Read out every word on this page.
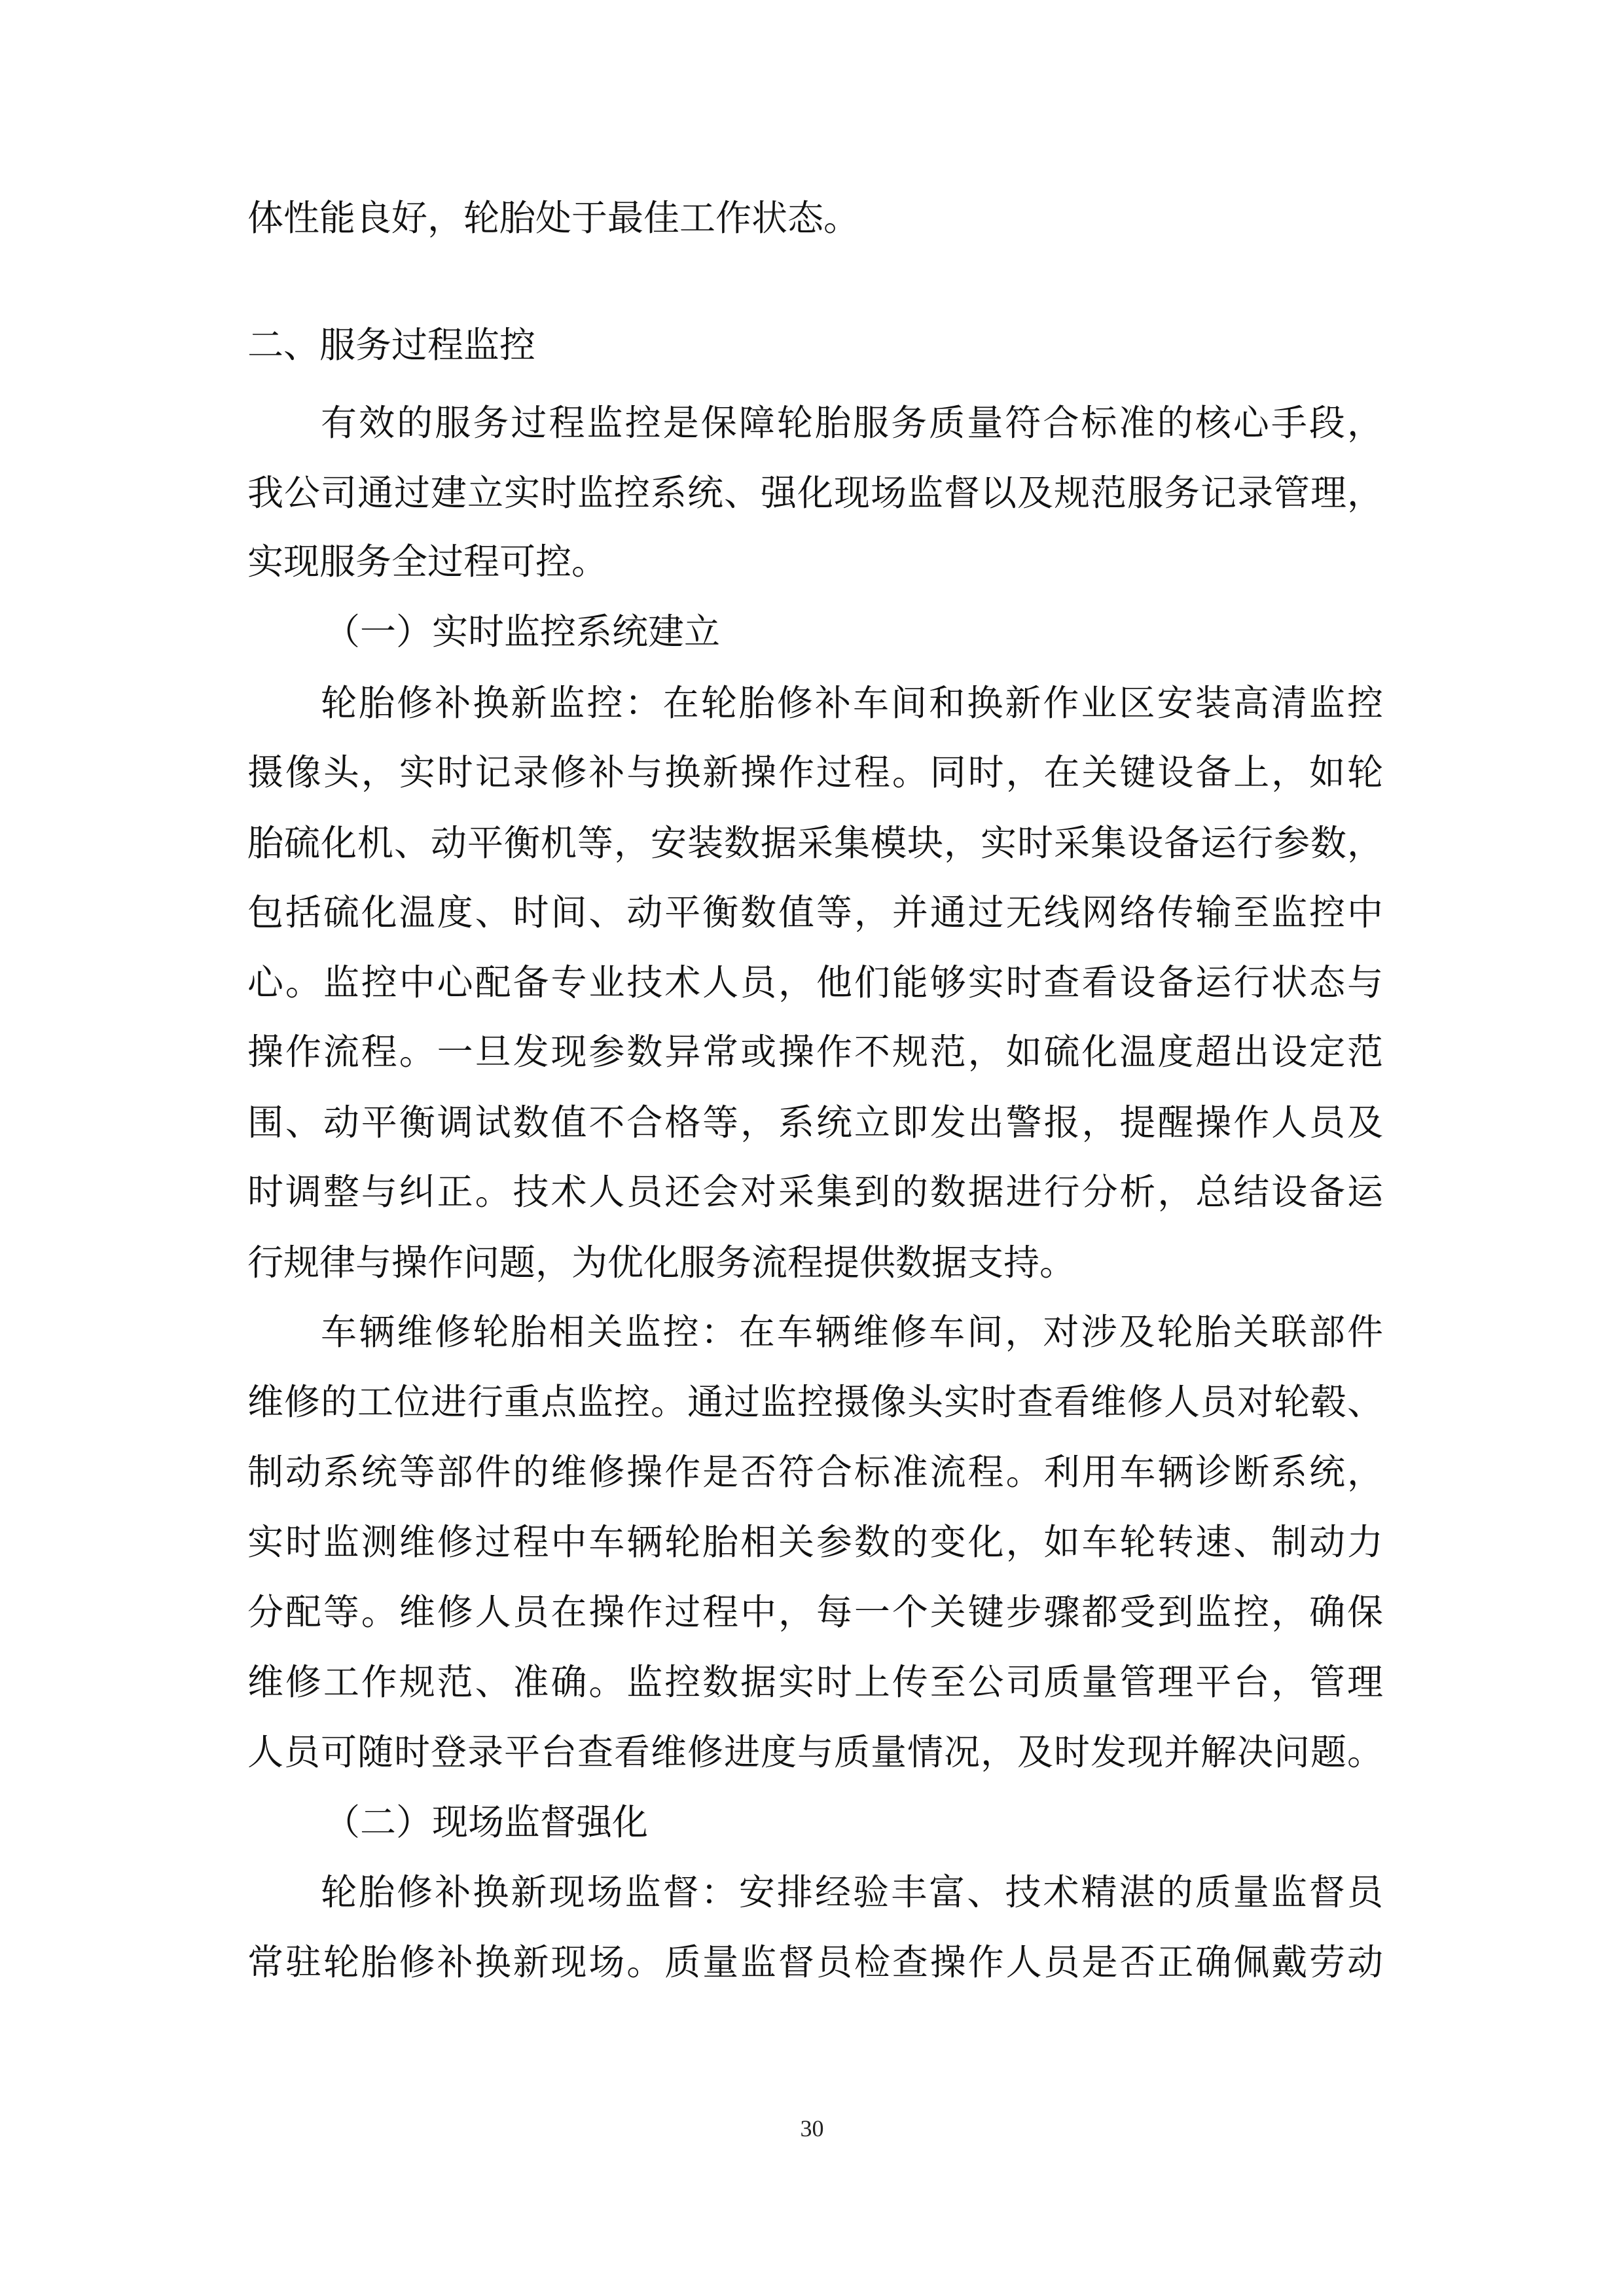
体性能良好，轮胎处于最佳工作状态。
二、服务过程监控
有效的服务过程监控是保障轮胎服务质量符合标准的核心手段，
我公司通过建立实时监控系统、强化现场监督以及规范服务记录管理，
实现服务全过程可控。
（一）实时监控系统建立
轮胎修补换新监控：在轮胎修补车间和换新作业区安装高清监控
摄像头，实时记录修补与换新操作过程。同时，在关键设备上，如轮
胎硫化机、动平衡机等，安装数据采集模块，实时采集设备运行参数，
包括硫化温度、时间、动平衡数值等，并通过无线网络传输至监控中
心。监控中心配备专业技术人员，他们能够实时查看设备运行状态与
操作流程。一旦发现参数异常或操作不规范，如硫化温度超出设定范
围、动平衡调试数值不合格等，系统立即发出警报，提醒操作人员及
时调整与纠正。技术人员还会对采集到的数据进行分析，总结设备运
行规律与操作问题，为优化服务流程提供数据支持。
车辆维修轮胎相关监控：在车辆维修车间，对涉及轮胎关联部件
维修的工位进行重点监控。通过监控摄像头实时查看维修人员对轮毂、
制动系统等部件的维修操作是否符合标准流程。利用车辆诊断系统，
实时监测维修过程中车辆轮胎相关参数的变化，如车轮转速、制动力
分配等。维修人员在操作过程中，每一个关键步骤都受到监控，确保
维修工作规范、准确。监控数据实时上传至公司质量管理平台，管理
人员可随时登录平台查看维修进度与质量情况，及时发现并解决问题。
（二）现场监督强化
轮胎修补换新现场监督：安排经验丰富、技术精湛的质量监督员
常驻轮胎修补换新现场。质量监督员检查操作人员是否正确佩戴劳动
30
